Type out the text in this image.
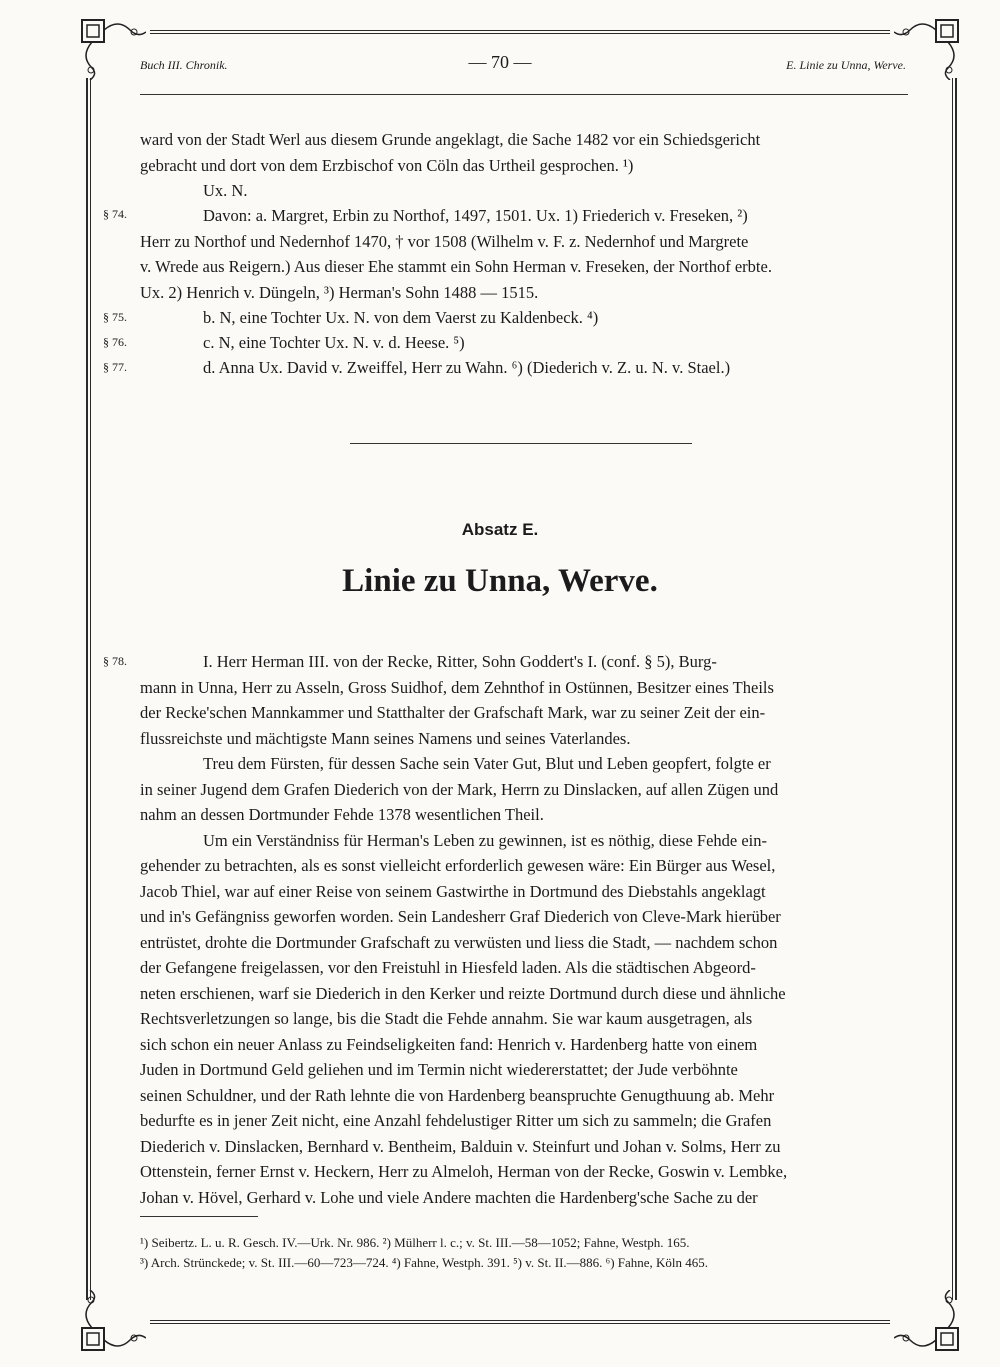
Buch III. Chronik.	— 70 —	E. Linie zu Unna, Werve.
ward von der Stadt Werl aus diesem Grunde angeklagt, die Sache 1482 vor ein Schiedsgericht
gebracht und dort von dem Erzbischof von Cöln das Urtheil gesprochen. ¹)
Ux. N.
§ 74.	Davon: a. Margret, Erbin zu Northof, 1497, 1501. Ux. 1) Friederich v. Freseken, ²)
Herr zu Northof und Nedernhof 1470, † vor 1508 (Wilhelm v. F. z. Nedernhof und Margrete
v. Wrede aus Reigern.) Aus dieser Ehe stammt ein Sohn Herman v. Freseken, der Northof erbte.
Ux. 2) Henrich v. Düngeln, ³) Herman's Sohn 1488 — 1515.
§ 75.	b. N, eine Tochter Ux. N. von dem Vaerst zu Kaldenbeck. ⁴)
§ 76.	c. N, eine Tochter Ux. N. v. d. Heese. ⁵)
§ 77.	d. Anna Ux. David v. Zweiffel, Herr zu Wahn. ⁶) (Diederich v. Z. u. N. v. Stael.)
Absatz E.
Linie zu Unna, Werve.
§ 78.	I. Herr Herman III. von der Recke, Ritter, Sohn Goddert's I. (conf. § 5), Burg-
mann in Unna, Herr zu Asseln, Gross Suidhof, dem Zehnthof in Ostünnen, Besitzer eines Theils
der Recke'schen Mannkammer und Statthalter der Grafschaft Mark, war zu seiner Zeit der ein-
flussreichste und mächtigste Mann seines Namens und seines Vaterlandes.
Treu dem Fürsten, für dessen Sache sein Vater Gut, Blut und Leben geopfert, folgte er
in seiner Jugend dem Grafen Diederich von der Mark, Herrn zu Dinslacken, auf allen Zügen und
nahm an dessen Dortmunder Fehde 1378 wesentlichen Theil.
Um ein Verständniss für Herman's Leben zu gewinnen, ist es nöthig, diese Fehde ein-
gehender zu betrachten, als es sonst vielleicht erforderlich gewesen wäre: Ein Bürger aus Wesel,
Jacob Thiel, war auf einer Reise von seinem Gastwirthe in Dortmund des Diebstahls angeklagt
und in's Gefängniss geworfen worden. Sein Landesherr Graf Diederich von Cleve-Mark hierüber
entrüstet, drohte die Dortmunder Grafschaft zu verwüsten und liess die Stadt, — nachdem schon
der Gefangene freigelassen, vor den Freistuhl in Hiesfeld laden. Als die städtischen Abgeord-
neten erschienen, warf sie Diederich in den Kerker und reizte Dortmund durch diese und ähnliche
Rechtsverletzungen so lange, bis die Stadt die Fehde annahm. Sie war kaum ausgetragen, als
sich schon ein neuer Anlass zu Feindseligkeiten fand: Henrich v. Hardenberg hatte von einem
Juden in Dortmund Geld geliehen und im Termin nicht wiedererstattet; der Jude verböhnte
seinen Schuldner, und der Rath lehnte die von Hardenberg beanspruchte Genugthuung ab. Mehr
bedurfte es in jener Zeit nicht, eine Anzahl fehdelustiger Ritter um sich zu sammeln; die Grafen
Diederich v. Dinslacken, Bernhard v. Bentheim, Balduin v. Steinfurt und Johan v. Solms, Herr zu
Ottenstein, ferner Ernst v. Heckern, Herr zu Almeloh, Herman von der Recke, Goswin v. Lembke,
Johan v. Hövel, Gerhard v. Lohe und viele Andere machten die Hardenberg'sche Sache zu der
¹) Seibertz. L. u. R. Gesch. IV.—Urk. Nr. 986. ²) Mülherr l. c.; v. St. III.—58—1052; Fahne, Westph. 165.
³) Arch. Strünckede; v. St. III.—60—723—724. ⁴) Fahne, Westph. 391. ⁵) v. St. II.—886. ⁶) Fahne, Köln 465.
